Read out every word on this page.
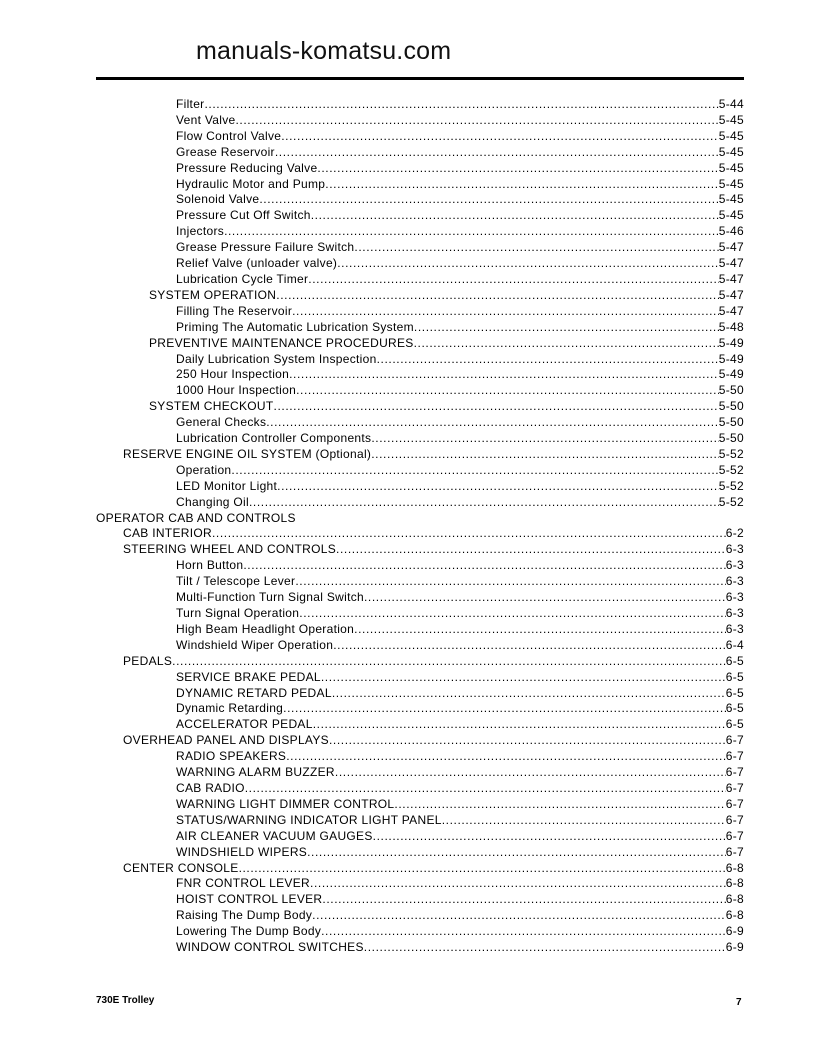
manuals-komatsu.com
Filter .....	5-44
Vent Valve .....	5-45
Flow Control Valve .....	5-45
Grease Reservoir .....	5-45
Pressure Reducing Valve .....	5-45
Hydraulic Motor and Pump .....	5-45
Solenoid Valve .....	5-45
Pressure Cut Off Switch .....	5-45
Injectors .....	5-46
Grease Pressure Failure Switch .....	5-47
Relief Valve (unloader valve) .....	5-47
Lubrication Cycle Timer .....	5-47
SYSTEM OPERATION .....	5-47
Filling The Reservoir .....	5-47
Priming The Automatic Lubrication System .....	5-48
PREVENTIVE MAINTENANCE PROCEDURES .....	5-49
Daily Lubrication System Inspection .....	5-49
250 Hour Inspection .....	5-49
1000 Hour Inspection .....	5-50
SYSTEM CHECKOUT .....	5-50
General Checks .....	5-50
Lubrication Controller Components .....	5-50
RESERVE ENGINE OIL SYSTEM (Optional) .....	5-52
Operation .....	5-52
LED Monitor Light .....	5-52
Changing Oil .....	5-52
OPERATOR CAB AND CONTROLS
CAB INTERIOR .....	6-2
STEERING WHEEL AND CONTROLS .....	6-3
Horn Button .....	6-3
Tilt / Telescope Lever .....	6-3
Multi-Function Turn Signal Switch .....	6-3
Turn Signal Operation .....	6-3
High Beam Headlight Operation .....	6-3
Windshield Wiper Operation .....	6-4
PEDALS .....	6-5
SERVICE BRAKE PEDAL .....	6-5
DYNAMIC RETARD PEDAL .....	6-5
Dynamic Retarding .....	6-5
ACCELERATOR PEDAL .....	6-5
OVERHEAD PANEL AND DISPLAYS .....	6-7
RADIO SPEAKERS .....	6-7
WARNING ALARM BUZZER .....	6-7
CAB RADIO .....	6-7
WARNING LIGHT DIMMER CONTROL .....	6-7
STATUS/WARNING INDICATOR LIGHT PANEL .....	6-7
AIR CLEANER VACUUM GAUGES .....	6-7
WINDSHIELD WIPERS .....	6-7
CENTER CONSOLE .....	6-8
FNR CONTROL LEVER .....	6-8
HOIST CONTROL LEVER .....	6-8
Raising The Dump Body .....	6-8
Lowering The Dump Body .....	6-9
WINDOW CONTROL SWITCHES .....	6-9
730E Trolley	7
